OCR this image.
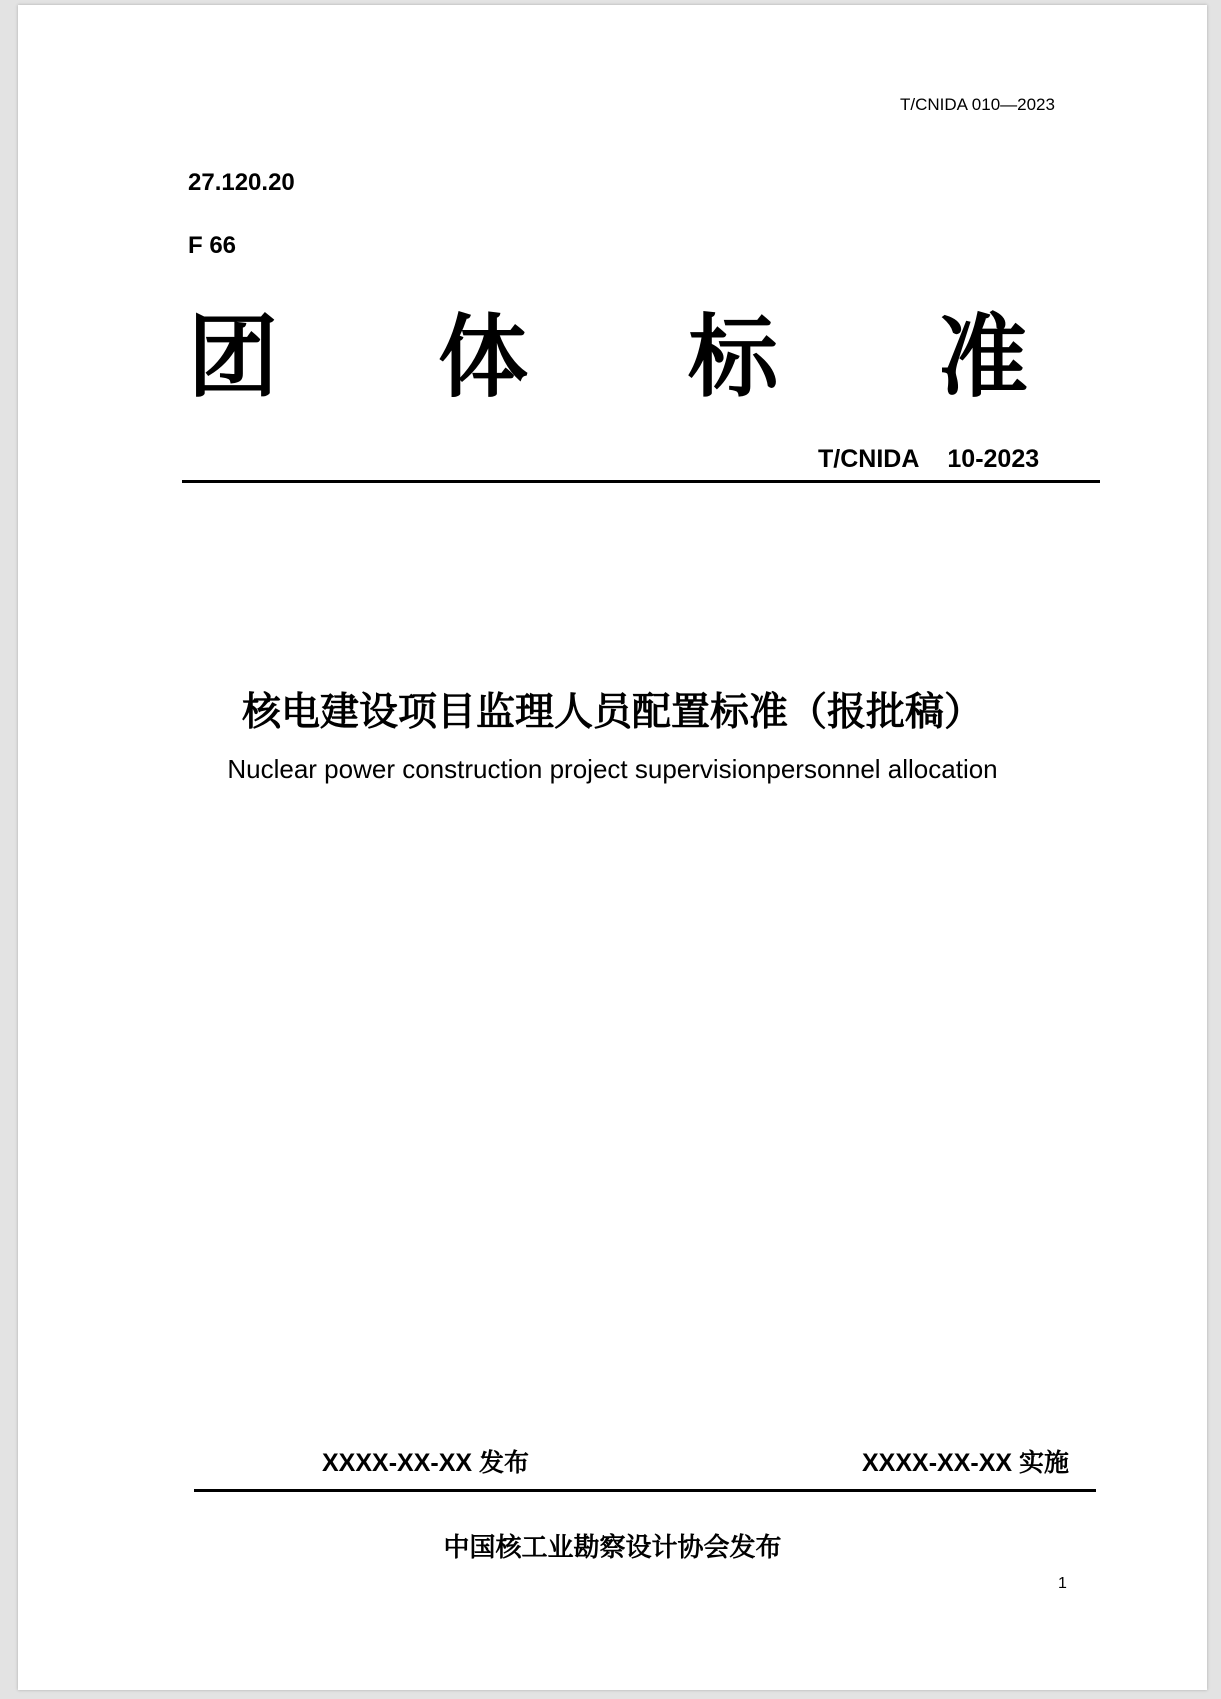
T/CNIDA 010—2023
27.120.20
F 66
团 体 标 准
T/CNIDA 10-2023
核电建设项目监理人员配置标准（报批稿）
Nuclear power construction project supervisionpersonnel allocation
XXXX-XX-XX 发布	XXXX-XX-XX 实施
中国核工业勘察设计协会发布
1
